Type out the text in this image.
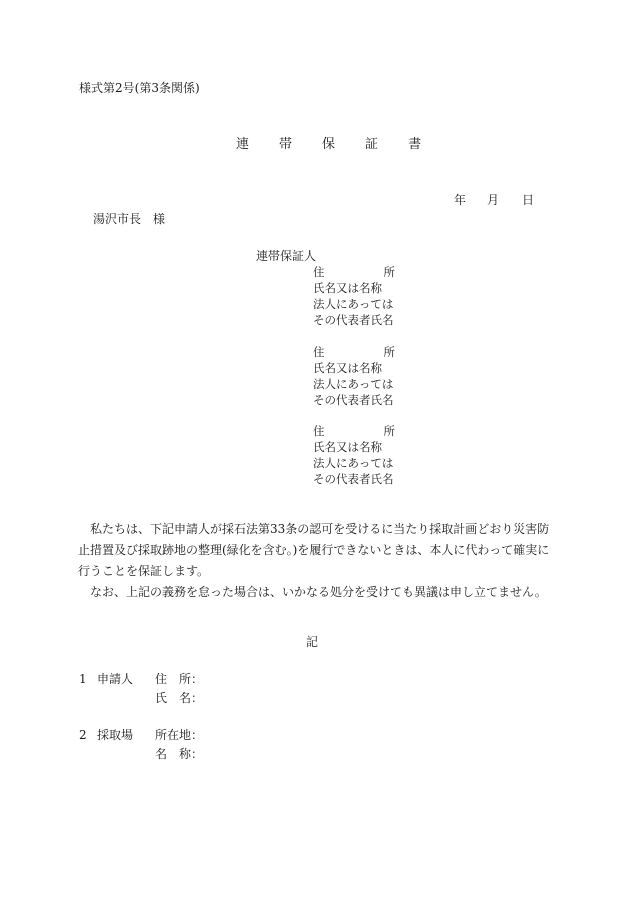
様式第2号(第3条関係)
連 帯 保 証 書
年 月 日
湯沢市長　様
連帯保証人
住	所
氏名又は名称
法人にあっては
その代表者氏名
住	所
氏名又は名称
法人にあっては
その代表者氏名
住	所
氏名又は名称
法人にあっては
その代表者氏名

私たちは、下記申請人が採石法第33条の認可を受けるに当たり採取計画どおり災害防止措置及び採取跡地の整理(緑化を含む。)を履行できないときは、本人に代わって確実に行うことを保証します。

なお、上記の義務を怠った場合は、いかなる処分を受けても異議は申し立てません。

記
1 申請人 住　所：
氏　名：
2 採取場 所在地：
名　称：
